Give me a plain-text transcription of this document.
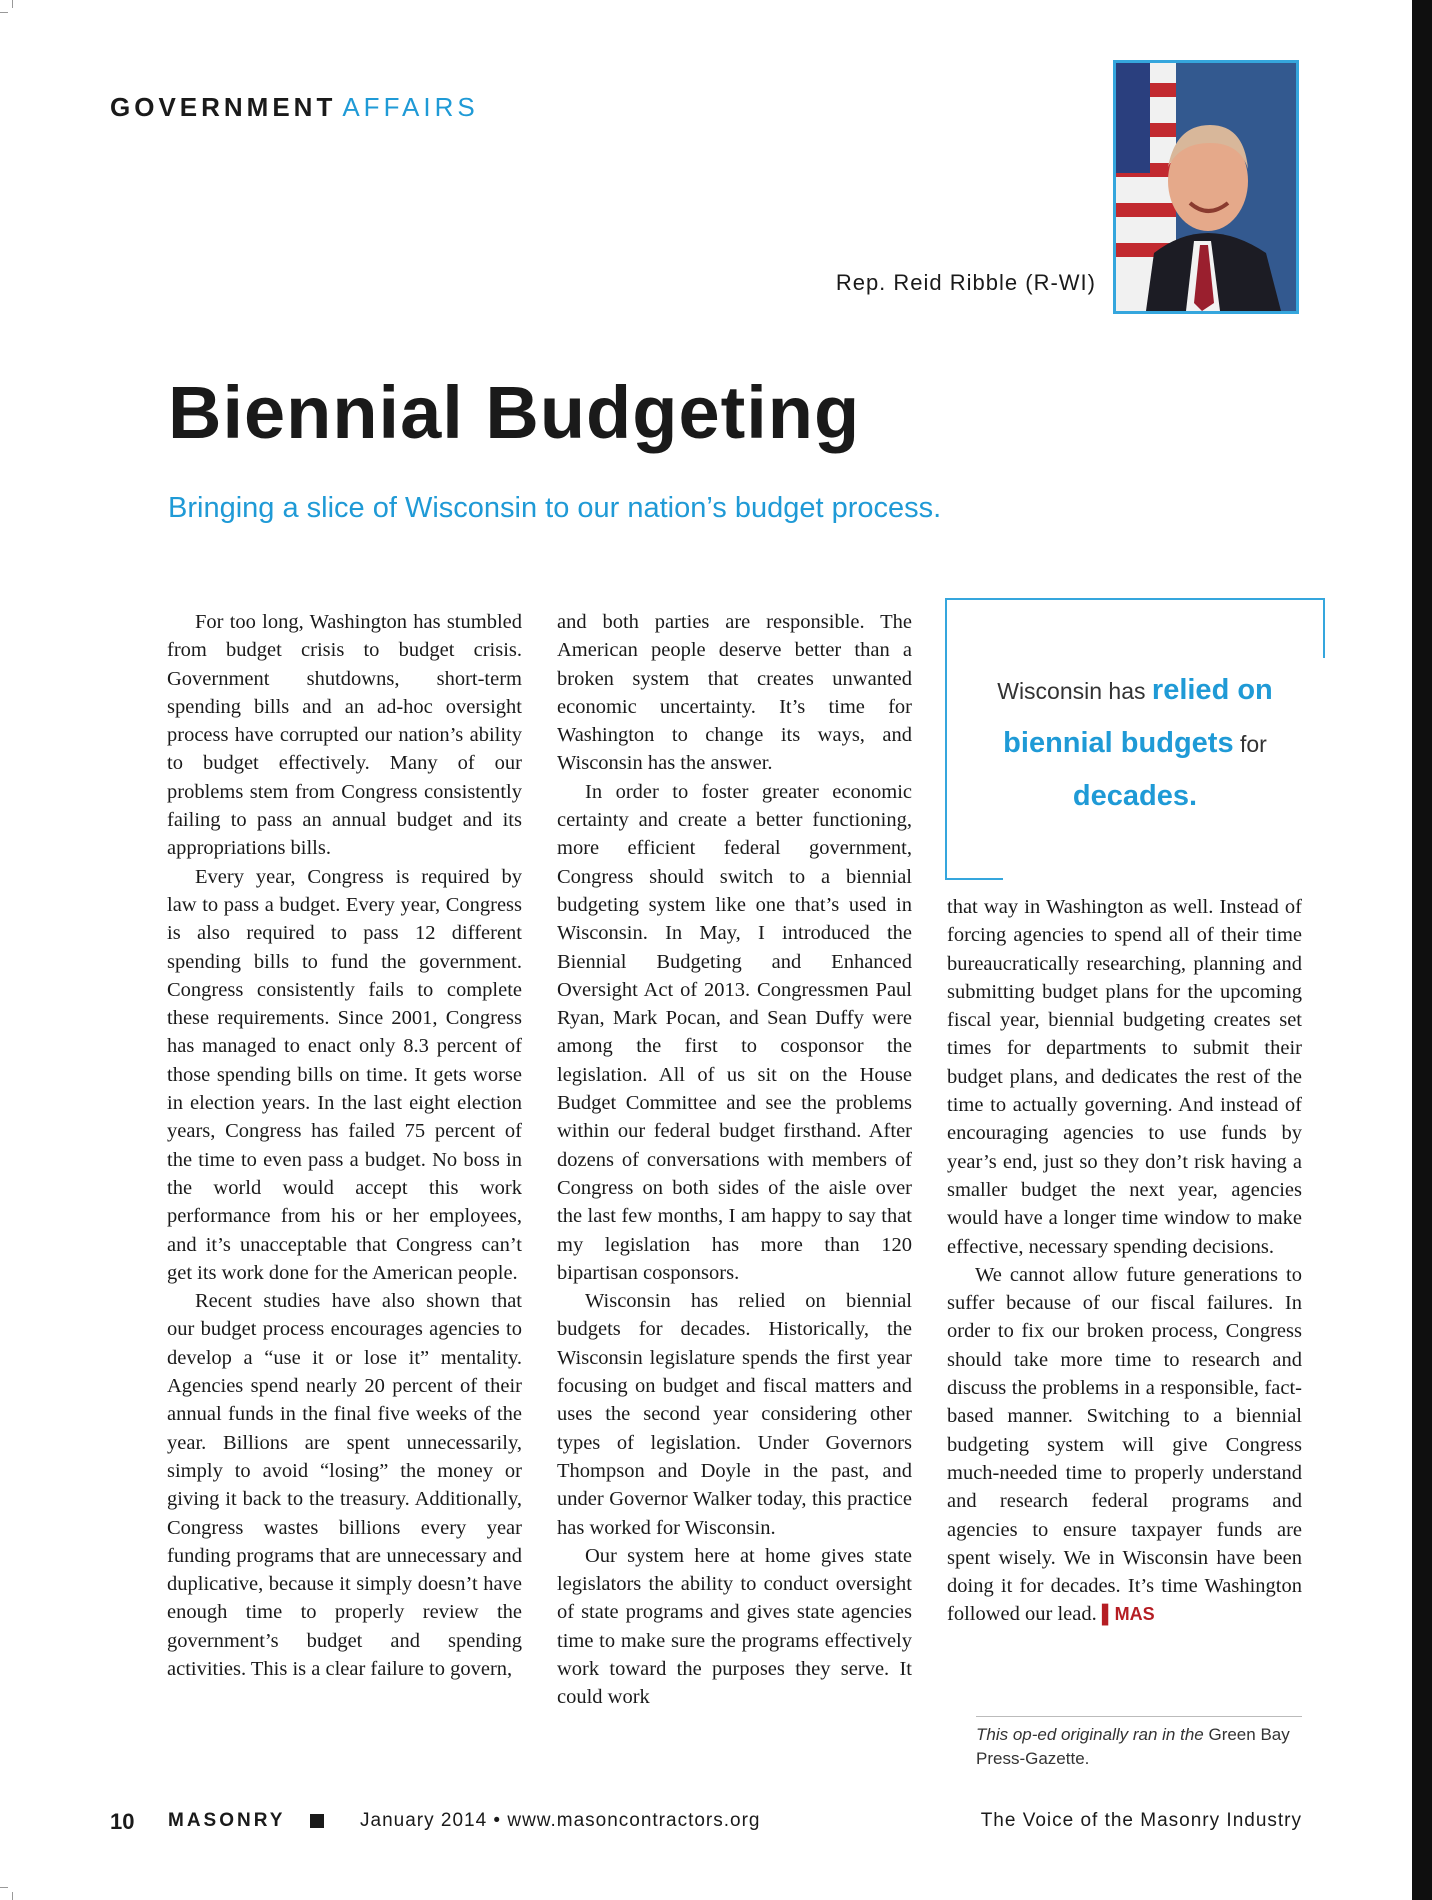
GOVERNMENT AFFAIRS
Rep. Reid Ribble (R-WI)
Biennial Budgeting
Bringing a slice of Wisconsin to our nation’s budget process.

For too long, Washington has stumbled from budget crisis to budget crisis. Government shutdowns, short-term spending bills and an ad-hoc oversight process have corrupted our nation’s ability to budget effectively. Many of our problems stem from Congress consistently failing to pass an annual budget and its appropriations bills.

Every year, Congress is required by law to pass a budget. Every year, Congress is also required to pass 12 different spending bills to fund the government. Congress consistently fails to complete these requirements. Since 2001, Congress has managed to enact only 8.3 percent of those spending bills on time. It gets worse in election years. In the last eight election years, Congress has failed 75 percent of the time to even pass a budget. No boss in the world would accept this work performance from his or her employees, and it’s unacceptable that Congress can’t get its work done for the American people.

Recent studies have also shown that our budget process encourages agencies to develop a “use it or lose it” mentality. Agencies spend nearly 20 percent of their annual funds in the final five weeks of the year. Billions are spent unnecessarily, simply to avoid “losing” the money or giving it back to the treasury. Additionally, Congress wastes billions every year funding programs that are unnecessary and duplicative, because it simply doesn’t have enough time to properly review the government’s budget and spending activities. This is a clear failure to govern,

and both parties are responsible. The American people deserve better than a broken system that creates unwanted economic uncertainty. It’s time for Washington to change its ways, and Wisconsin has the answer.

In order to foster greater economic certainty and create a better functioning, more efficient federal government, Congress should switch to a biennial budgeting system like one that’s used in Wisconsin. In May, I introduced the Biennial Budgeting and Enhanced Oversight Act of 2013. Congressmen Paul Ryan, Mark Pocan, and Sean Duffy were among the first to cosponsor the legislation. All of us sit on the House Budget Committee and see the problems within our federal budget firsthand. After dozens of conversations with members of Congress on both sides of the aisle over the last few months, I am happy to say that my legislation has more than 120 bipartisan cosponsors.

Wisconsin has relied on biennial budgets for decades. Historically, the Wisconsin legislature spends the first year focusing on budget and fiscal matters and uses the second year considering other types of legislation. Under Governors Thompson and Doyle in the past, and under Governor Walker today, this practice has worked for Wisconsin.

Our system here at home gives state legislators the ability to conduct oversight of state programs and gives state agencies time to make sure the programs effectively work toward the purposes they serve. It could work

Wisconsin has relied on biennial budgets for
decades.

that way in Washington as well. Instead of forcing agencies to spend all of their time bureaucratically researching, planning and submitting budget plans for the upcoming fiscal year, biennial budgeting creates set times for departments to submit their budget plans, and dedicates the rest of the time to actually governing. And instead of encouraging agencies to use funds by year’s end, just so they don’t risk having a smaller budget the next year, agencies would have a longer time window to make effective, necessary spending decisions.

We cannot allow future generations to suffer because of our fiscal failures. In order to fix our broken process, Congress should take more time to research and discuss the problems in a responsible, fact-based manner. Switching to a biennial budgeting system will give Congress much-needed time to properly understand and research federal programs and agencies to ensure taxpayer funds are spent wisely. We in Wisconsin have been doing it for decades. It’s time Washington followed our lead. ▌MAS

This op-ed originally ran in the Green Bay Press-Gazette.
10 MASONRY	January 2014 • www.masoncontractors.org	The Voice of the Masonry Industry
